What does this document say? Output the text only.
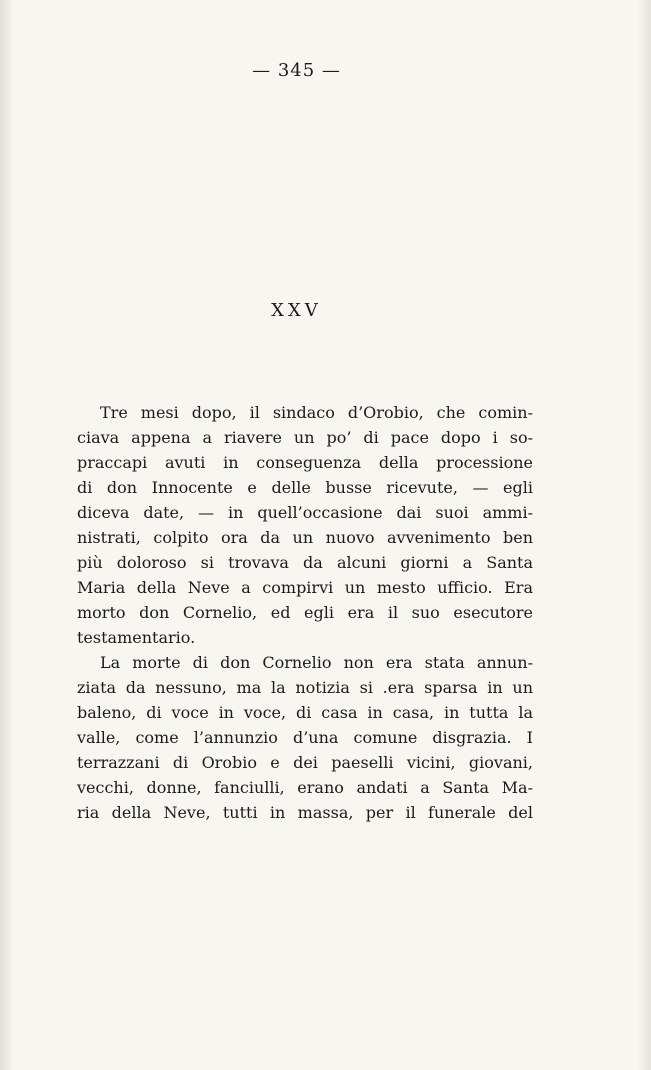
— 345 —
XXV
Tre mesi dopo, il sindaco d’Orobio, che comin-
ciava appena a riavere un po’ di pace dopo i so-
praccapi avuti in conseguenza della processione
di don Innocente e delle busse ricevute, — egli
diceva date, — in quell’occasione dai suoi ammi-
nistrati, colpito ora da un nuovo avvenimento ben
più doloroso si trovava da alcuni giorni a Santa
Maria della Neve a compirvi un mesto ufficio. Era
morto don Cornelio, ed egli era il suo esecutore
testamentario.
La morte di don Cornelio non era stata annun-
ziata da nessuno, ma la notizia si .era sparsa in un
baleno, di voce in voce, di casa in casa, in tutta la
valle, come l’annunzio d’una comune disgrazia. I
terrazzani di Orobio e dei paeselli vicini, giovani,
vecchi, donne, fanciulli, erano andati a Santa Ma-
ria della Neve, tutti in massa, per il funerale del
